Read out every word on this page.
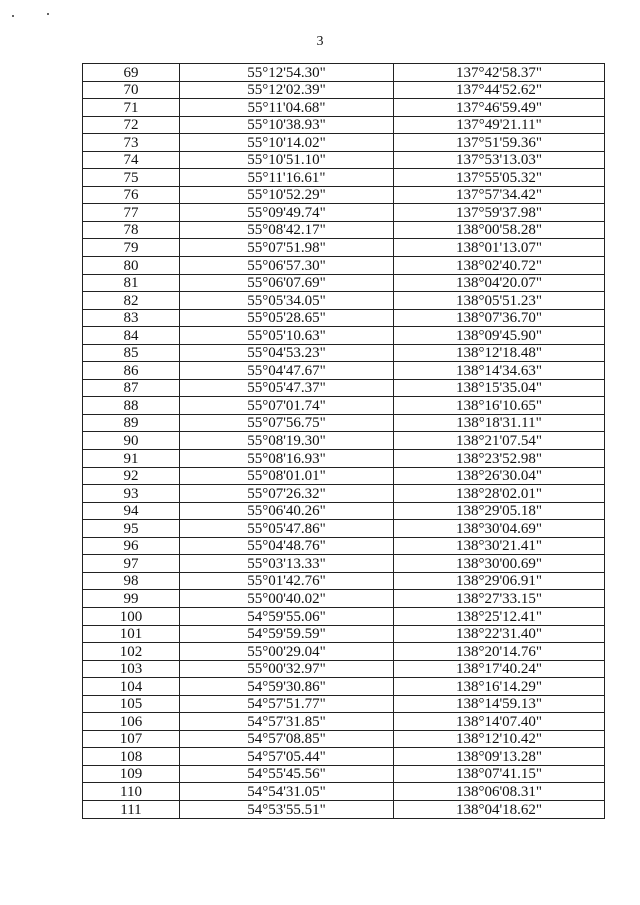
3
69	55°12'54.30"	137°42'58.37"
70	55°12'02.39"	137°44'52.62"
71	55°11'04.68"	137°46'59.49"
72	55°10'38.93"	137°49'21.11"
73	55°10'14.02"	137°51'59.36"
74	55°10'51.10"	137°53'13.03"
75	55°11'16.61"	137°55'05.32"
76	55°10'52.29"	137°57'34.42"
77	55°09'49.74"	137°59'37.98"
78	55°08'42.17"	138°00'58.28"
79	55°07'51.98"	138°01'13.07"
80	55°06'57.30"	138°02'40.72"
81	55°06'07.69"	138°04'20.07"
82	55°05'34.05"	138°05'51.23"
83	55°05'28.65"	138°07'36.70"
84	55°05'10.63"	138°09'45.90"
85	55°04'53.23"	138°12'18.48"
86	55°04'47.67"	138°14'34.63"
87	55°05'47.37"	138°15'35.04"
88	55°07'01.74"	138°16'10.65"
89	55°07'56.75"	138°18'31.11"
90	55°08'19.30"	138°21'07.54"
91	55°08'16.93"	138°23'52.98"
92	55°08'01.01"	138°26'30.04"
93	55°07'26.32"	138°28'02.01"
94	55°06'40.26"	138°29'05.18"
95	55°05'47.86"	138°30'04.69"
96	55°04'48.76"	138°30'21.41"
97	55°03'13.33"	138°30'00.69"
98	55°01'42.76"	138°29'06.91"
99	55°00'40.02"	138°27'33.15"
100	54°59'55.06"	138°25'12.41"
101	54°59'59.59"	138°22'31.40"
102	55°00'29.04"	138°20'14.76"
103	55°00'32.97"	138°17'40.24"
104	54°59'30.86"	138°16'14.29"
105	54°57'51.77"	138°14'59.13"
106	54°57'31.85"	138°14'07.40"
107	54°57'08.85"	138°12'10.42"
108	54°57'05.44"	138°09'13.28"
109	54°55'45.56"	138°07'41.15"
110	54°54'31.05"	138°06'08.31"
111	54°53'55.51"	138°04'18.62"
